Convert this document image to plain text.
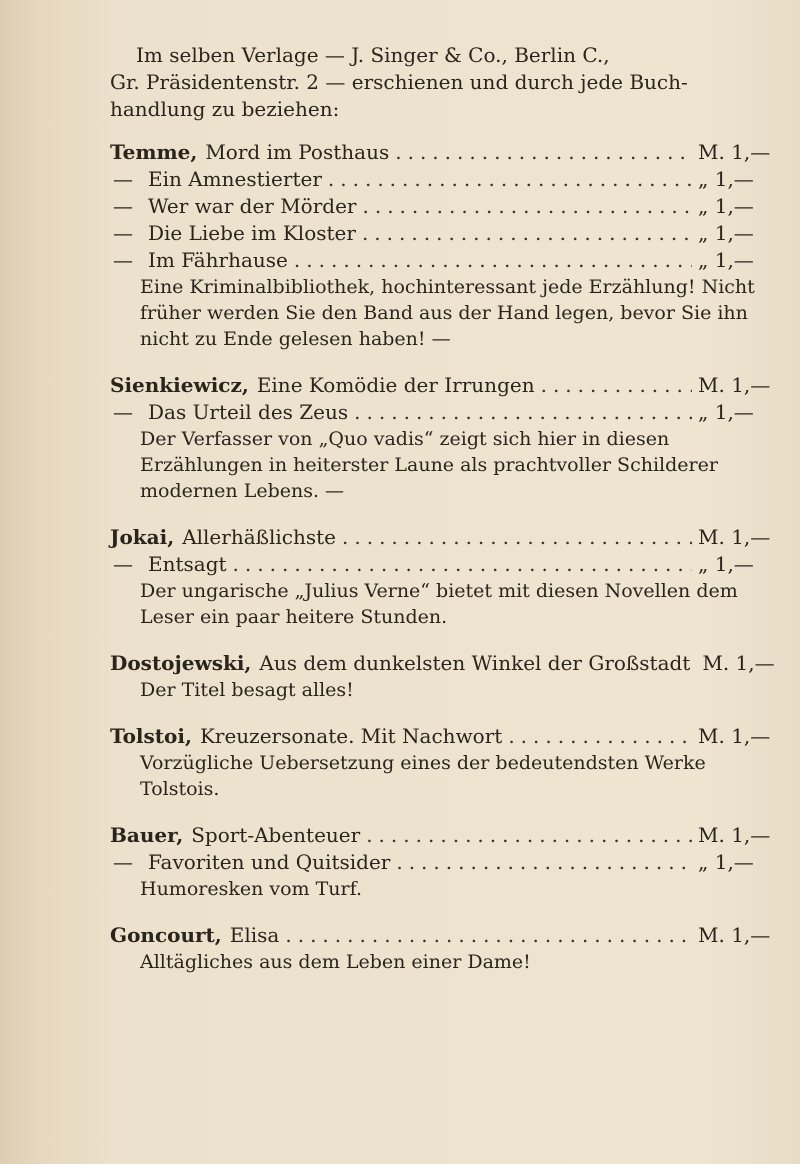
Im selben Verlage — J. Singer & Co., Berlin C.,
Gr. Präsidentenstr. 2 — erschienen und durch jede Buch-
handlung zu beziehen:
Temme, Mord im Posthaus .....	M. 1,—
— Ein Amnestierter .....	„ 1,—
— Wer war der Mörder .....	„ 1,—
— Die Liebe im Kloster .....	„ 1,—
— Im Fährhause .....	„ 1,—
Eine Kriminalbibliothek, hochinteressant jede Erzählung! Nicht früher werden Sie den Band aus der Hand legen, bevor Sie ihn nicht zu Ende gelesen haben! —
Sienkiewicz, Eine Komödie der Irrungen .....	M. 1,—
— Das Urteil des Zeus .....	„ 1,—
Der Verfasser von „Quo vadis“ zeigt sich hier in diesen Erzählungen in heiterster Laune als prachtvoller Schilderer modernen Lebens. —
Jokai, Allerhäßlichste .....	M. 1,—
— Entsagt .....	„ 1,—
Der ungarische „Julius Verne“ bietet mit diesen Novellen dem Leser ein paar heitere Stunden.
Dostojewski, Aus dem dunkelsten Winkel der Großstadt M. 1,—
Der Titel besagt alles!
Tolstoi, Kreuzersonate. Mit Nachwort .....	M. 1,—
Vorzügliche Uebersetzung eines der bedeutendsten Werke Tolstois.
Bauer, Sport-Abenteuer .....	M. 1,—
— Favoriten und Quitsider .....	„ 1,—
Humoresken vom Turf.
Goncourt, Elisa .....	M. 1,—
Alltägliches aus dem Leben einer Dame!
